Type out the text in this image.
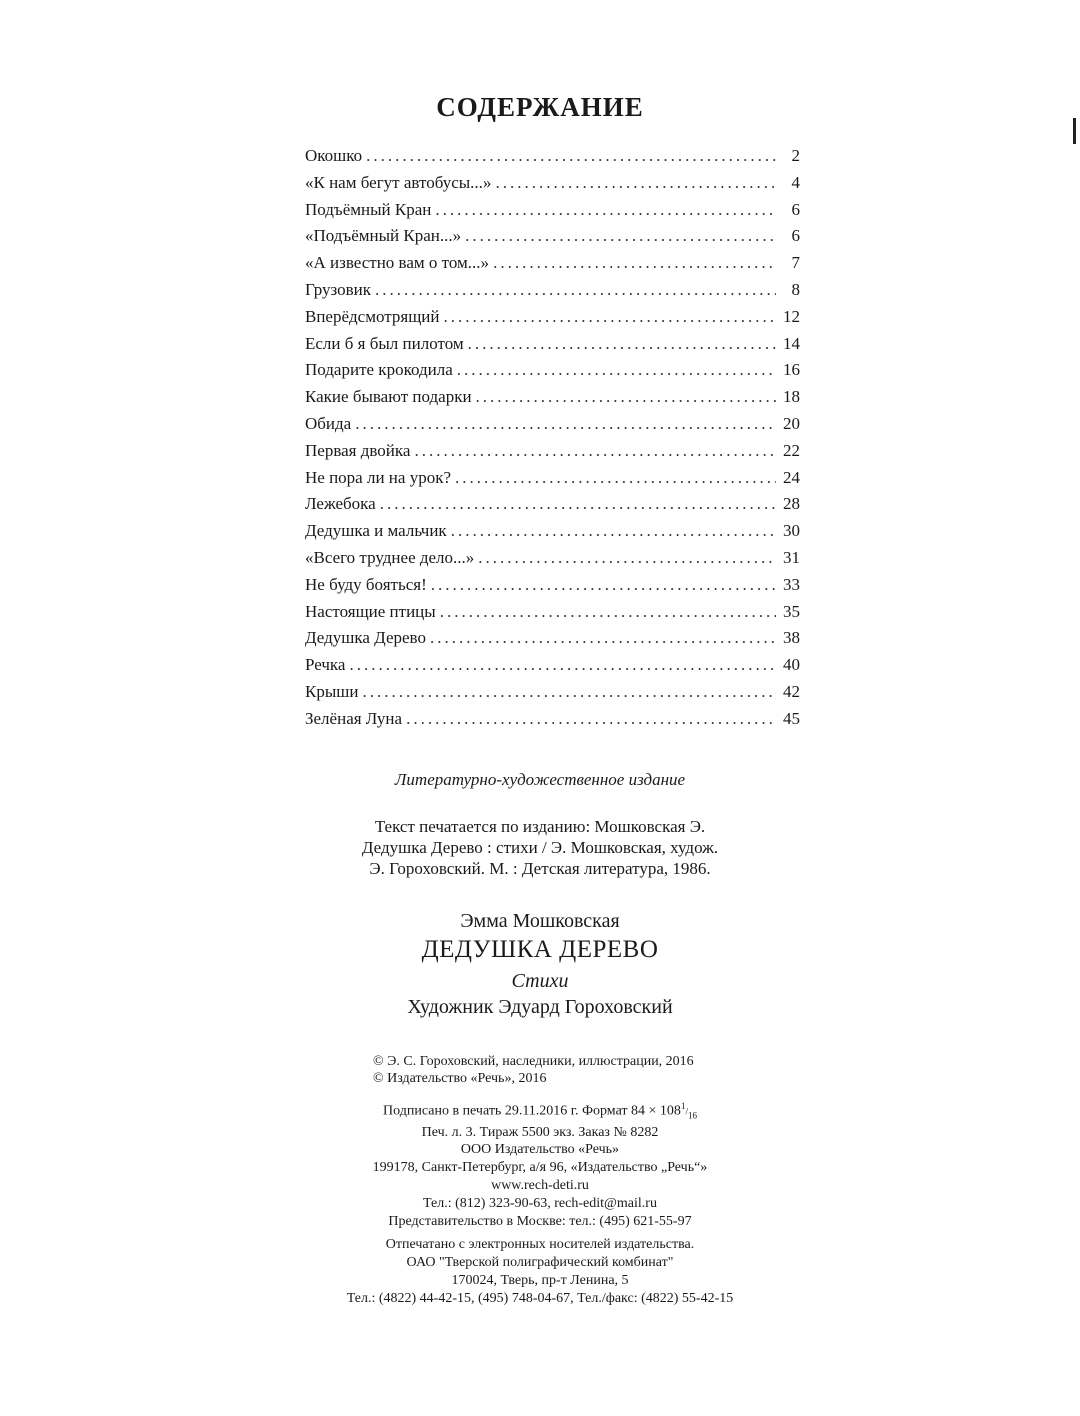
СОДЕРЖАНИЕ
Окошко .....	2
«К нам бегут автобусы...» .....	4
Подъёмный Кран .....	6
«Подъёмный Кран...» .....	6
«А известно вам о том...» .....	7
Грузовик .....	8
Вперёдсмотрящий .....	12
Если б я был пилотом .....	14
Подарите крокодила .....	16
Какие бывают подарки .....	18
Обида .....	20
Первая двойка .....	22
Не пора ли на урок? .....	24
Лежебока .....	28
Дедушка и мальчик .....	30
«Всего труднее дело...» .....	31
Не буду бояться! .....	33
Настоящие птицы .....	35
Дедушка Дерево .....	38
Речка .....	40
Крыши .....	42
Зелёная Луна .....	45
Литературно-художественное издание
Текст печатается по изданию: Мошковская Э.
Дедушка Дерево : стихи / Э. Мошковская, худож.
Э. Гороховский. М. : Детская литература, 1986.
Эмма Мошковская
ДЕДУШКА ДЕРЕВО
Стихи
Художник Эдуард Гороховский
© Э. С. Гороховский, наследники, иллюстрации, 2016
© Издательство «Речь», 2016
Подписано в печать 29.11.2016 г. Формат $84 \times 108^1/_{16}$
Печ. л. 3. Тираж 5500 экз. Заказ № 8282
ООО Издательство «Речь»
199178, Санкт-Петербург, а/я 96, «Издательство „Речь“»
www.rech-deti.ru
Тел.: (812) 323-90-63, rech-edit@mail.ru
Представительство в Москве: тел.: (495) 621-55-97
Отпечатано с электронных носителей издательства.
ОАО "Тверской полиграфический комбинат"
170024, Тверь, пр-т Ленина, 5
Тел.: (4822) 44-42-15, (495) 748-04-67, Тел./факс: (4822) 55-42-15
